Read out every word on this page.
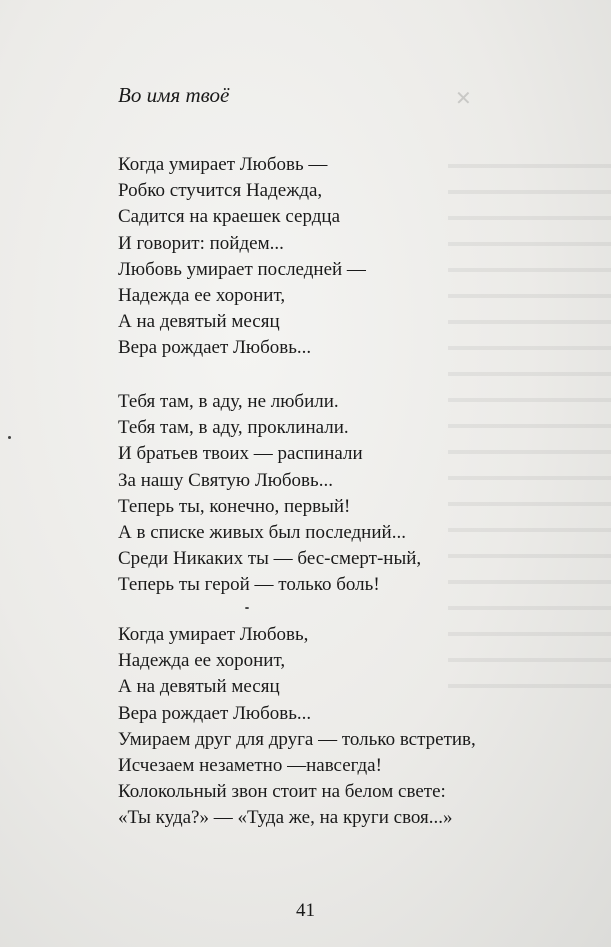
✕
Во имя твоё
Когда умирает Любовь —
Робко стучится Надежда,
Садится на краешек сердца
И говорит: пойдем...
Любовь умирает последней —
Надежда ее хоронит,
А на девятый месяц
Вера рождает Любовь...
Тебя там, в аду, не любили.
Тебя там, в аду, проклинали.
И братьев твоих — распинали
За нашу Святую Любовь...
Теперь ты, конечно, первый!
А в списке живых был последний...
Среди Никаких ты — бес-смерт-ный,
Теперь ты герой — только боль!
Когда умирает Любовь,
Надежда ее хоронит,
А на девятый месяц
Вера рождает Любовь...
Умираем друг для друга — только встретив,
Исчезаем незаметно —навсегда!
Колокольный звон стоит на белом свете:
«Ты куда?» — «Туда же, на круги своя...»
41
